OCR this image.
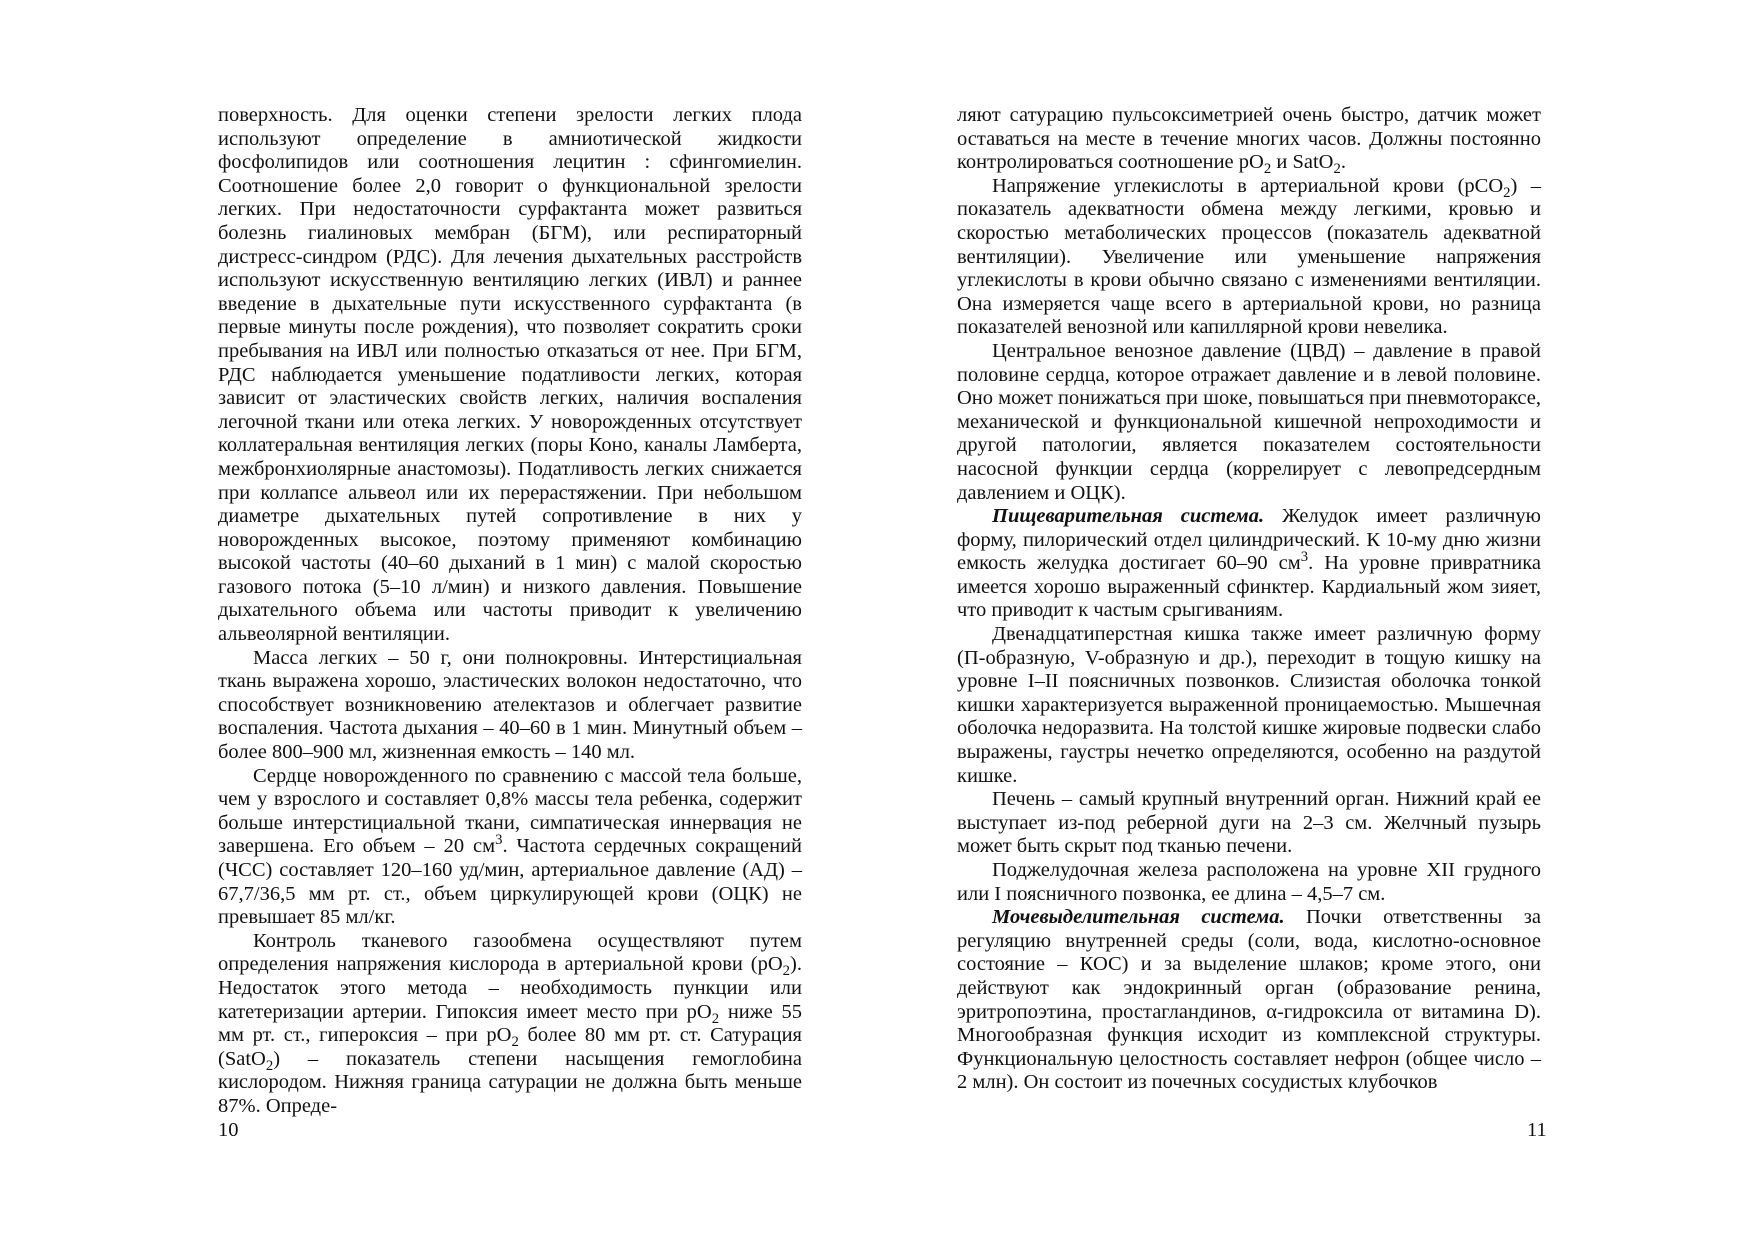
поверхность. Для оценки степени зрелости легких плода используют определение в амниотической жидкости фосфолипидов или соотношения лецитин : сфингомиелин. Соотношение более 2,0 говорит о функциональной зрелости легких. При недостаточности сурфактанта может развиться болезнь гиалиновых мембран (БГМ), или респираторный дистресс-синдром (РДС). Для лечения дыхательных расстройств используют искусственную вентиляцию легких (ИВЛ) и раннее введение в дыхательные пути искусственного сурфактанта (в первые минуты после рождения), что позволяет сократить сроки пребывания на ИВЛ или полностью отказаться от нее. При БГМ, РДС наблюдается уменьшение податливости легких, которая зависит от эластических свойств легких, наличия воспаления легочной ткани или отека легких. У новорожденных отсутствует коллатеральная вентиляция легких (поры Коно, каналы Ламберта, межбронхиолярные анастомозы). Податливость легких снижается при коллапсе альвеол или их перерастяжении. При небольшом диаметре дыхательных путей сопротивление в них у новорожденных высокое, поэтому применяют комбинацию высокой частоты (40–60 дыханий в 1 мин) с малой скоростью газового потока (5–10 л/мин) и низкого давления. Повышение дыхательного объема или частоты приводит к увеличению альвеолярной вентиляции.

Масса легких – 50 г, они полнокровны. Интерстициальная ткань выражена хорошо, эластических волокон недостаточно, что способствует возникновению ателектазов и облегчает развитие воспаления. Частота дыхания – 40–60 в 1 мин. Минутный объем – более 800–900 мл, жизненная емкость – 140 мл.

Сердце новорожденного по сравнению с массой тела больше, чем у взрослого и составляет 0,8% массы тела ребенка, содержит больше интерстициальной ткани, симпатическая иннервация не завершена. Его объем – 20 $см^3$. Частота сердечных сокращений (ЧСС) составляет 120–160 уд/мин, артериальное давление (АД) – 67,7/36,5 мм рт. ст., объем циркулирующей крови (ОЦК) не превышает 85 мл/кг.

Контроль тканевого газообмена осуществляют путем определения напряжения кислорода в артериальной крови $(pO_2)$. Недостаток этого метода – необходимость пункции или катетеризации артерии. Гипоксия имеет место при $pO_2$ ниже 55 мм рт. ст., гипероксия – при $pO_2$ более 80 мм рт. ст. Сатурация (SatO$_2$) – показатель степени насыщения гемоглобина кислородом. Нижняя граница сатурации не должна быть меньше 87%. Опреде-

10

ляют сатурацию пульсоксиметрией очень быстро, датчик может оставаться на месте в течение многих часов. Должны постоянно контролироваться соотношение $pO_2$ и SatO$_2$.

Напряжение углекислоты в артериальной крови (pCO$_2$) – показатель адекватности обмена между легкими, кровью и скоростью метаболических процессов (показатель адекватной вентиляции). Увеличение или уменьшение напряжения углекислоты в крови обычно связано с изменениями вентиляции. Она измеряется чаще всего в артериальной крови, но разница показателей венозной или капиллярной крови невелика.

Центральное венозное давление (ЦВД) – давление в правой половине сердца, которое отражает давление и в левой половине. Оно может понижаться при шоке, повышаться при пневмотораксе, механической и функциональной кишечной непроходимости и другой патологии, является показателем состоятельности насосной функции сердца (коррелирует с левопредсердным давлением и ОЦК).

Пищеварительная система. Желудок имеет различную форму, пилорический отдел цилиндрический. К 10-му дню жизни емкость желудка достигает 60–90 $см^3$. На уровне привратника имеется хорошо выраженный сфинктер. Кардиальный жом зияет, что приводит к частым срыгиваниям.

Двенадцатиперстная кишка также имеет различную форму (П-образную, V-образную и др.), переходит в тощую кишку на уровне I–II поясничных позвонков. Слизистая оболочка тонкой кишки характеризуется выраженной проницаемостью. Мышечная оболочка недоразвита. На толстой кишке жировые подвески слабо выражены, гаустры нечетко определяются, особенно на раздутой кишке.

Печень – самый крупный внутренний орган. Нижний край ее выступает из-под реберной дуги на 2–3 см. Желчный пузырь может быть скрыт под тканью печени.

Поджелудочная железа расположена на уровне XII грудного или I поясничного позвонка, ее длина – 4,5–7 см.

Мочевыделительная система. Почки ответственны за регуляцию внутренней среды (соли, вода, кислотно-основное состояние – КОС) и за выделение шлаков; кроме этого, они действуют как эндокринный орган (образование ренина, эритропоэтина, простагландинов, α-гидроксила от витамина D). Многообразная функция исходит из комплексной структуры. Функциональную целостность составляет нефрон (общее число – 2 млн). Он состоит из почечных сосудистых клубочков

11
